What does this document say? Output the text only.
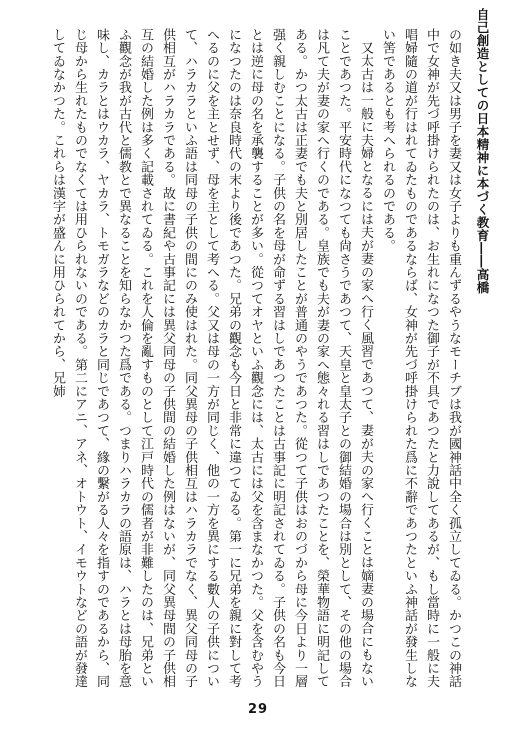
自己創造としての日本精神に本づく教育――高橋

の如き夫又は男子を妻又は女子よりも重んずるやうなモーチブは我が國神話中全く孤立してゐる。かつこの神話中で女神が先づ呼掛けられたのは、お生れになつた御子が不具であつたと力說してあるが、もし當時に一般に夫唱婦隨の道が行はれてゐたものであるならば、女神が先づ呼掛けられた爲に不辭であつたといふ神話が發生しない筈であるとも考へられるのである。

又太古は一般に夫婦となるには夫が妻の家へ行く風習であつて、妻が夫の家へ行くことは嫡妻の場合にもないことであつた。平安時代になつても尙さうであつて、天皇と皇太子との御結婚の場合は別として、その他の場合は凡て夫が妻の家へ行くのである。皇族でも夫が妻の家へ態々れる習はしであつたことを、榮華物語に明記してある。かつ太古は正妻でも夫と別居したことが普通のやうであつた。從つて子供はおのづから母に今日より一層强く親しむことになる。子供の名を母が命ずる習はしであつたことは古事記に明記されてゐる。子供の名も今日とは逆に母の名を承襲することが多い。從つてオヤといふ觀念には、太古には父を含まなかつた。父を含むやうになつたのは奈良時代の末より後であつた。兄弟の觀念も今日と非常に違つてゐる。第一に兄弟を親に對して考へるのに父を主とせず、母を主として考へる。父又は母の一方が同じく、他の一方を異にする數人の子供について、ハラカラといふ語は同母の子供の間にのみ使はれた。同父異母の子供相互はハラカラでなく、異父同母の子供相互がハラカラである。故に書紀や古事記には異父同母の子供間の結婚した例はないが、同父異母間の子供相互の結婚した例は多く記載されてゐる。これを人倫を亂すものとして江戸時代の儒者が非難したのは、兄弟といふ觀念が我が古代と儒教とで異なることを知らなかつた爲である。つまりハラカラの語原は、ハラとは母胎を意味し、カラとはウカラ、ヤカラ、トモガラなどのカラと同じであつて、緣の繫がる人々を指すのであるから、同じ母から生れたものでなくては用ひられないのである。第二にアニ、アネ、オトウト、イモウトなどの語が發達してゐなかつた。これらは漢字が盛んに用ひられてから、兄姉

29
